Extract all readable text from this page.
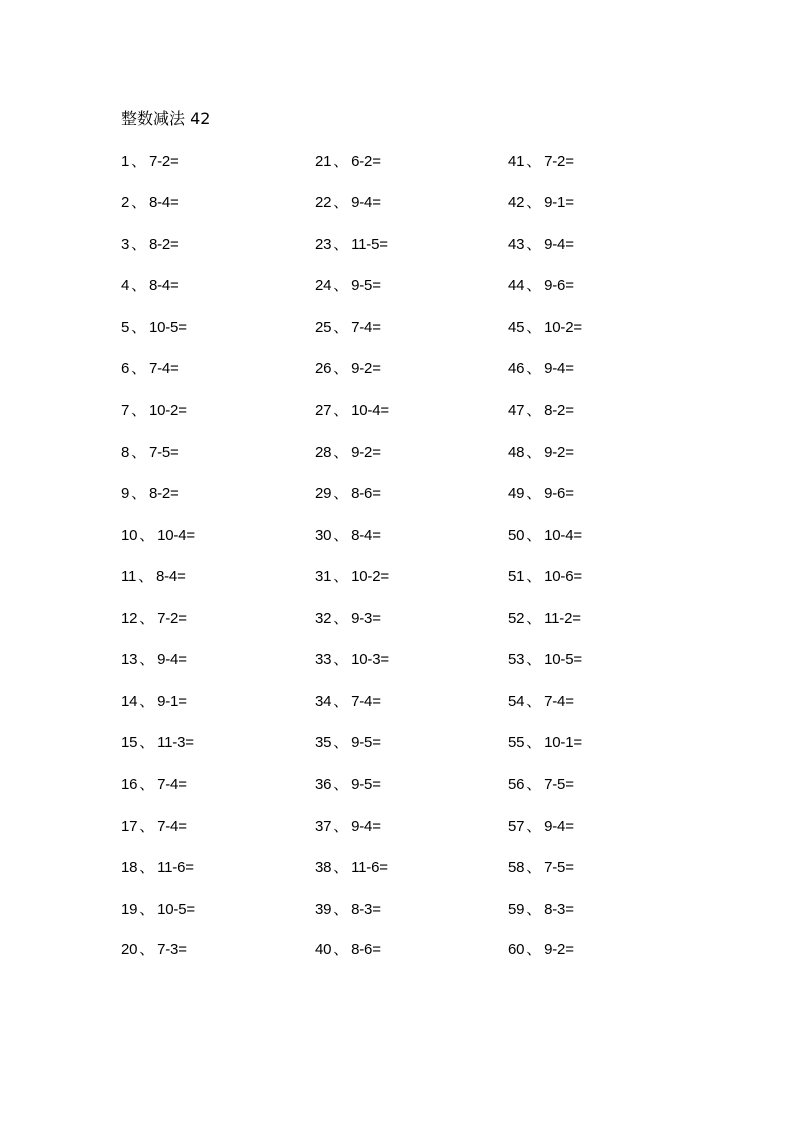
整数减法 42
1 、 7-2=
2 、 8-4=
3 、 8-2=
4 、 8-4=
5 、 10-5=
6 、 7-4=
7 、 10-2=
8 、 7-5=
9 、 8-2=
10 、 10-4=
11 、 8-4=
12 、 7-2=
13 、 9-4=
14 、 9-1=
15 、 11-3=
16 、 7-4=
17 、 7-4=
18 、 11-6=
19 、 10-5=
20 、 7-3=
21 、 6-2=
22 、 9-4=
23 、 11-5=
24 、 9-5=
25 、 7-4=
26 、 9-2=
27 、 10-4=
28 、 9-2=
29 、 8-6=
30 、 8-4=
31 、 10-2=
32 、 9-3=
33 、 10-3=
34 、 7-4=
35 、 9-5=
36 、 9-5=
37 、 9-4=
38 、 11-6=
39 、 8-3=
40 、 8-6=
41 、 7-2=
42 、 9-1=
43 、 9-4=
44 、 9-6=
45 、 10-2=
46 、 9-4=
47 、 8-2=
48 、 9-2=
49 、 9-6=
50 、 10-4=
51 、 10-6=
52 、 11-2=
53 、 10-5=
54 、 7-4=
55 、 10-1=
56 、 7-5=
57 、 9-4=
58 、 7-5=
59 、 8-3=
60 、 9-2=
